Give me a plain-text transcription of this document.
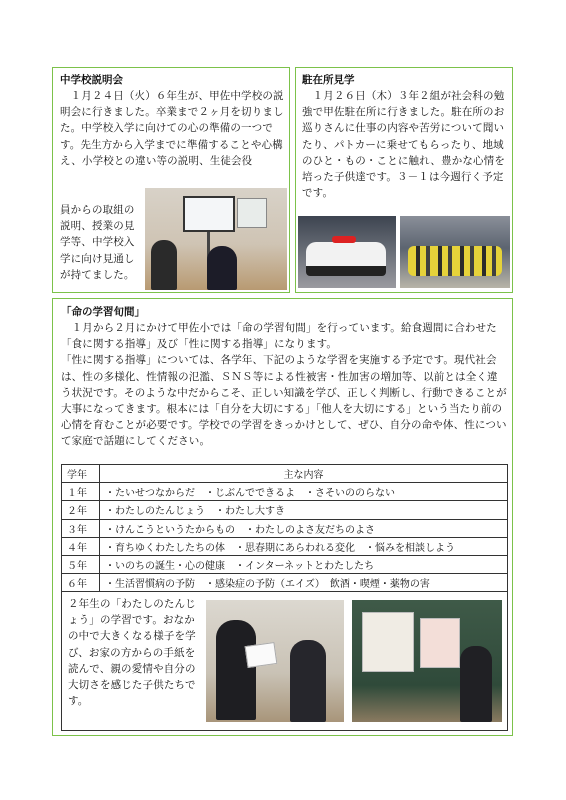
中学校説明会
　１月２４日（火）６年生が、甲佐中学校の説明会に行きました。卒業まで２ヶ月を切りました。中学校入学に向けての心の準備の一つです。先生方から入学までに準備することや心構え、小学校との違い等の説明、生徒会役
員からの取組の説明、授業の見学等、中学校入学に向け見通しが持てました。
駐在所見学
　１月２６日（木）３年２組が社会科の勉強で甲佐駐在所に行きました。駐在所のお巡りさんに仕事の内容や苦労について聞いたり、パトカーに乗せてもらったり、地域のひと・もの・ことに触れ、豊かな心情を培った子供達です。３－１は今週行く予定です。
「命の学習旬間」
　１月から２月にかけて甲佐小では「命の学習旬間」を行っています。給食週間に合わせた「食に関する指導」及び「性に関する指導」になります。
「性に関する指導」については、各学年、下記のような学習を実施する予定です。現代社会は、性の多様化、性情報の氾濫、ＳＮＳ等による性被害・性加害の増加等、以前とは全く違う状況です。そのような中だからこそ、正しい知識を学び、正しく判断し、行動できることが大事になってきます。根本には「自分を大切にする」「他人を大切にする」という当たり前の心情を育むことが必要です。学校での学習をきっかけとして、ぜひ、自分の命や体、性について家庭で話題にしてください。
学年	主な内容
１年	・たいせつなからだ　・じぶんでできるよ　・さそいののらない
２年	・わたしのたんじょう　・わたし大すき
３年	・けんこうというたからもの　・わたしのよさ友だちのよさ
４年	・育ちゆくわたしたちの体　・思春期にあらわれる変化　・悩みを相談しよう
５年	・いのちの誕生・心の健康　・インターネットとわたしたち
６年	・生活習慣病の予防　・感染症の予防（エイズ）　飲酒・喫煙・薬物の害
２年生の「わたしのたんじょう」の学習です。おなかの中で大きくなる様子を学び、お家の方からの手紙を読んで、親の愛情や自分の大切さを感じた子供たちです。
